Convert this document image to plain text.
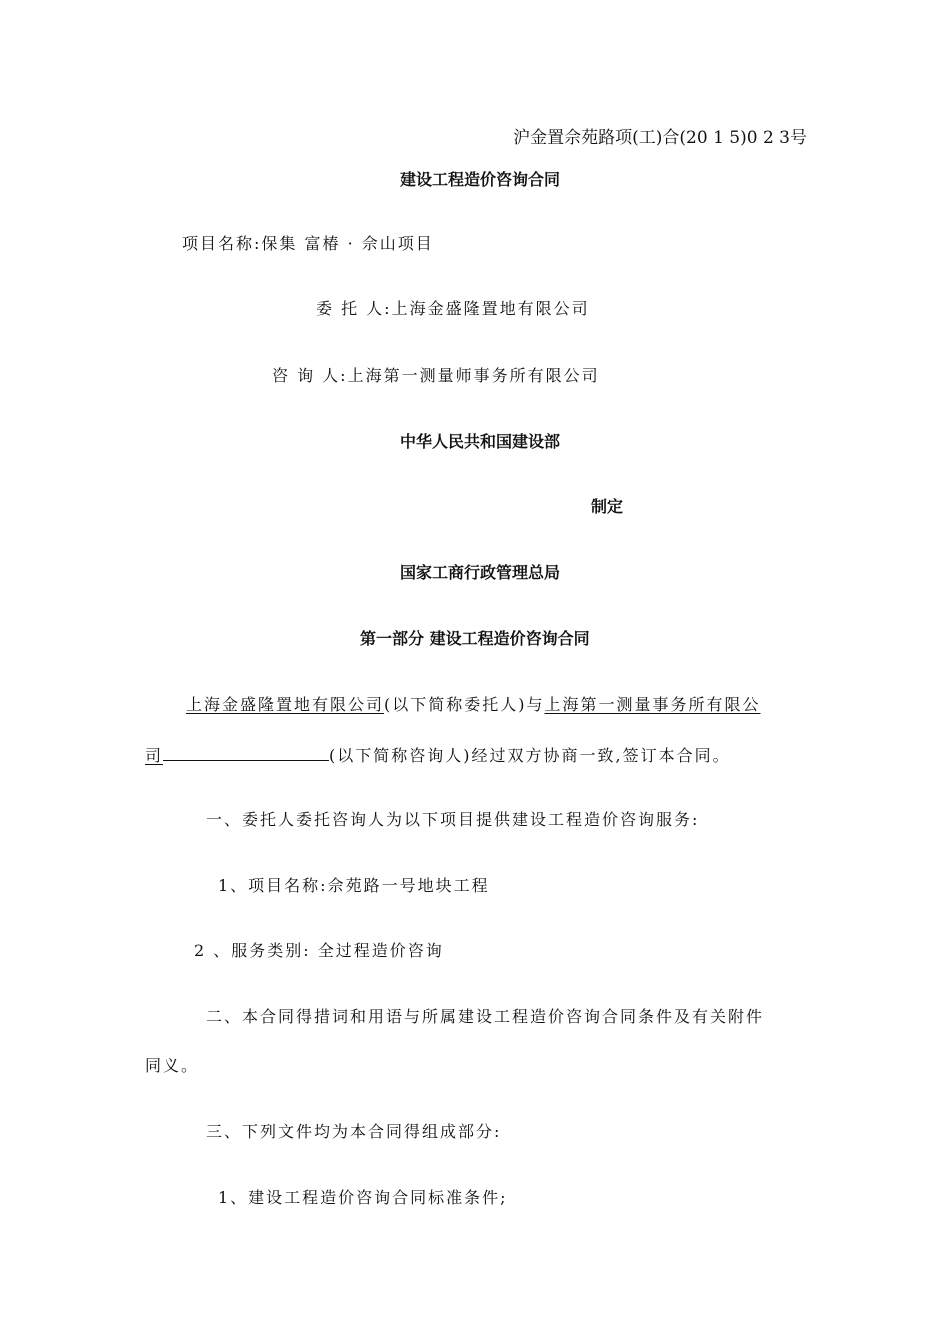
沪金置佘苑路项(工)合(20 1 5)0 2 3号
建设工程造价咨询合同
项目名称:保集 富椿 · 佘山项目
委 托 人:上海金盛隆置地有限公司
咨 询 人:上海第一测量师事务所有限公司
中华人民共和国建设部
制定
国家工商行政管理总局
第一部分 建设工程造价咨询合同
上海金盛隆置地有限公司(以下简称委托人)与上海第一测量事务所有限公
司	(以下简称咨询人)经过双方协商一致,签订本合同。
一、委托人委托咨询人为以下项目提供建设工程造价咨询服务:
1、项目名称:佘苑路一号地块工程
2 、服务类别: 全过程造价咨询
二、本合同得措词和用语与所属建设工程造价咨询合同条件及有关附件
同义。
三、下列文件均为本合同得组成部分:
1、建设工程造价咨询合同标准条件;
